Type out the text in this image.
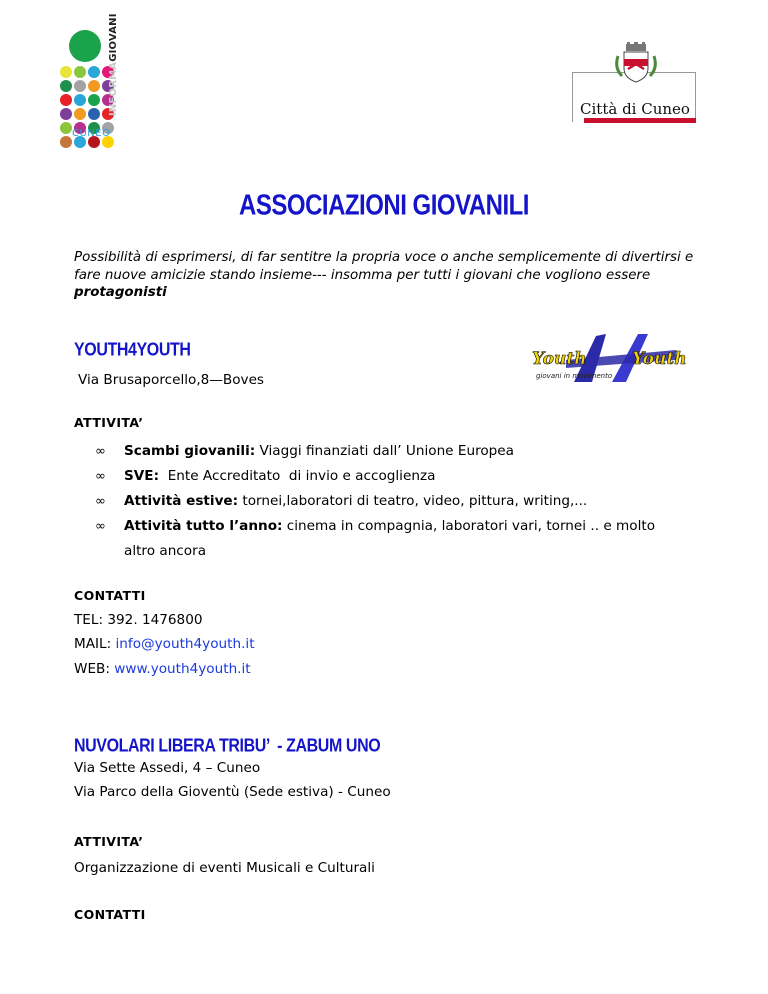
INFORMAGIOVANI
CUNEO
Città di Cuneo
ASSOCIAZIONI GIOVANILI
Possibilità di esprimersi, di far sentitre la propria voce o anche semplicemente di divertirsi e fare nuove amicizie stando insieme--- insomma per tutti i giovani che vogliono essere protagonisti
YOUTH4YOUTH
Via Brusaporcello,8—Boves
Youth	Youth
giovani in movimento
ATTIVITA’
∞ Scambi giovanili: Viaggi finanziati dall’ Unione Europea
∞ SVE:  Ente Accreditato  di invio e accoglienza
∞ Attività estive: tornei,laboratori di teatro, video, pittura, writing,...
∞ Attività tutto l’anno: cinema in compagnia, laboratori vari, tornei .. e molto altro ancora
CONTATTI
TEL: 392. 1476800
MAIL: info@youth4youth.it
WEB: www.youth4youth.it
NUVOLARI LIBERA TRIBU’  - ZABUM UNO
Via Sette Assedi, 4 – Cuneo
Via Parco della Gioventù (Sede estiva) - Cuneo
ATTIVITA’
Organizzazione di eventi Musicali e Culturali
CONTATTI
